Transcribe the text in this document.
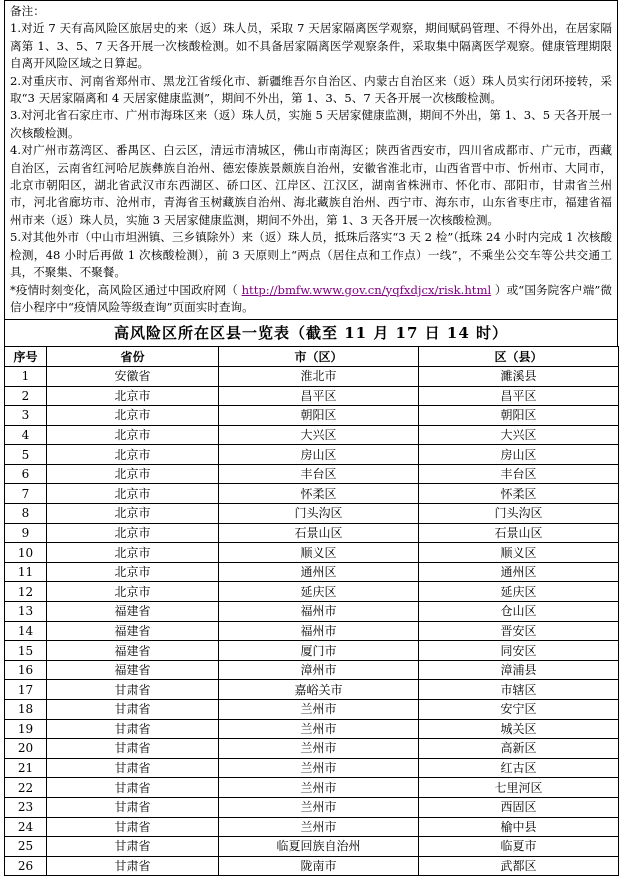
备注：

1.对近 7 天有高风险区旅居史的来（返）珠人员，采取 7 天居家隔离医学观察，期间赋码管理、不得外出，在居家隔离第 1、3、5、7 天各开展一次核酸检测。如不具备居家隔离医学观察条件，采取集中隔离医学观察。健康管理期限自离开风险区域之日算起。

2.对重庆市、河南省郑州市、黑龙江省绥化市、新疆维吾尔自治区、内蒙古自治区来（返）珠人员实行闭环接转，采取“3 天居家隔离和 4 天居家健康监测”，期间不外出，第 1、3、5、7 天各开展一次核酸检测。

3.对河北省石家庄市、广州市海珠区来（返）珠人员，实施 5 天居家健康监测，期间不外出，第 1、3、5 天各开展一次核酸检测。

4.对广州市荔湾区、番禺区、白云区，清远市清城区，佛山市南海区；陕西省西安市，四川省成都市、广元市，西藏自治区，云南省红河哈尼族彝族自治州、德宏傣族景颇族自治州，安徽省淮北市，山西省晋中市、忻州市、大同市，北京市朝阳区，湖北省武汉市东西湖区、硚口区、江岸区、江汉区，湖南省株洲市、怀化市、邵阳市，甘肃省兰州市，河北省廊坊市、沧州市，青海省玉树藏族自治州、海北藏族自治州、西宁市、海东市，山东省枣庄市，福建省福州市来（返）珠人员，实施 3 天居家健康监测，期间不外出，第 1、3 天各开展一次核酸检测。

5.对其他外市（中山市坦洲镇、三乡镇除外）来（返）珠人员，抵珠后落实“3 天 2 检”（抵珠 24 小时内完成 1 次核酸检测，48 小时后再做 1 次核酸检测），前 3 天原则上“两点（居住点和工作点）一线”，不乘坐公交车等公共交通工具，不聚集、不聚餐。

*疫情时刻变化，高风险区通过中国政府网（ http://bmfw.www.gov.cn/yqfxdjcx/risk.html ）或“国务院客户端”微信小程序中“疫情风险等级查询”页面实时查询。

高风险区所在区县一览表（截至 11 月 17 日 14 时）
序号	省份	市（区）	区（县）
1	安徽省	淮北市	濉溪县
2	北京市	昌平区	昌平区
3	北京市	朝阳区	朝阳区
4	北京市	大兴区	大兴区
5	北京市	房山区	房山区
6	北京市	丰台区	丰台区
7	北京市	怀柔区	怀柔区
8	北京市	门头沟区	门头沟区
9	北京市	石景山区	石景山区
10	北京市	顺义区	顺义区
11	北京市	通州区	通州区
12	北京市	延庆区	延庆区
13	福建省	福州市	仓山区
14	福建省	福州市	晋安区
15	福建省	厦门市	同安区
16	福建省	漳州市	漳浦县
17	甘肃省	嘉峪关市	市辖区
18	甘肃省	兰州市	安宁区
19	甘肃省	兰州市	城关区
20	甘肃省	兰州市	高新区
21	甘肃省	兰州市	红古区
22	甘肃省	兰州市	七里河区
23	甘肃省	兰州市	西固区
24	甘肃省	兰州市	榆中县
25	甘肃省	临夏回族自治州	临夏市
26	甘肃省	陇南市	武都区
